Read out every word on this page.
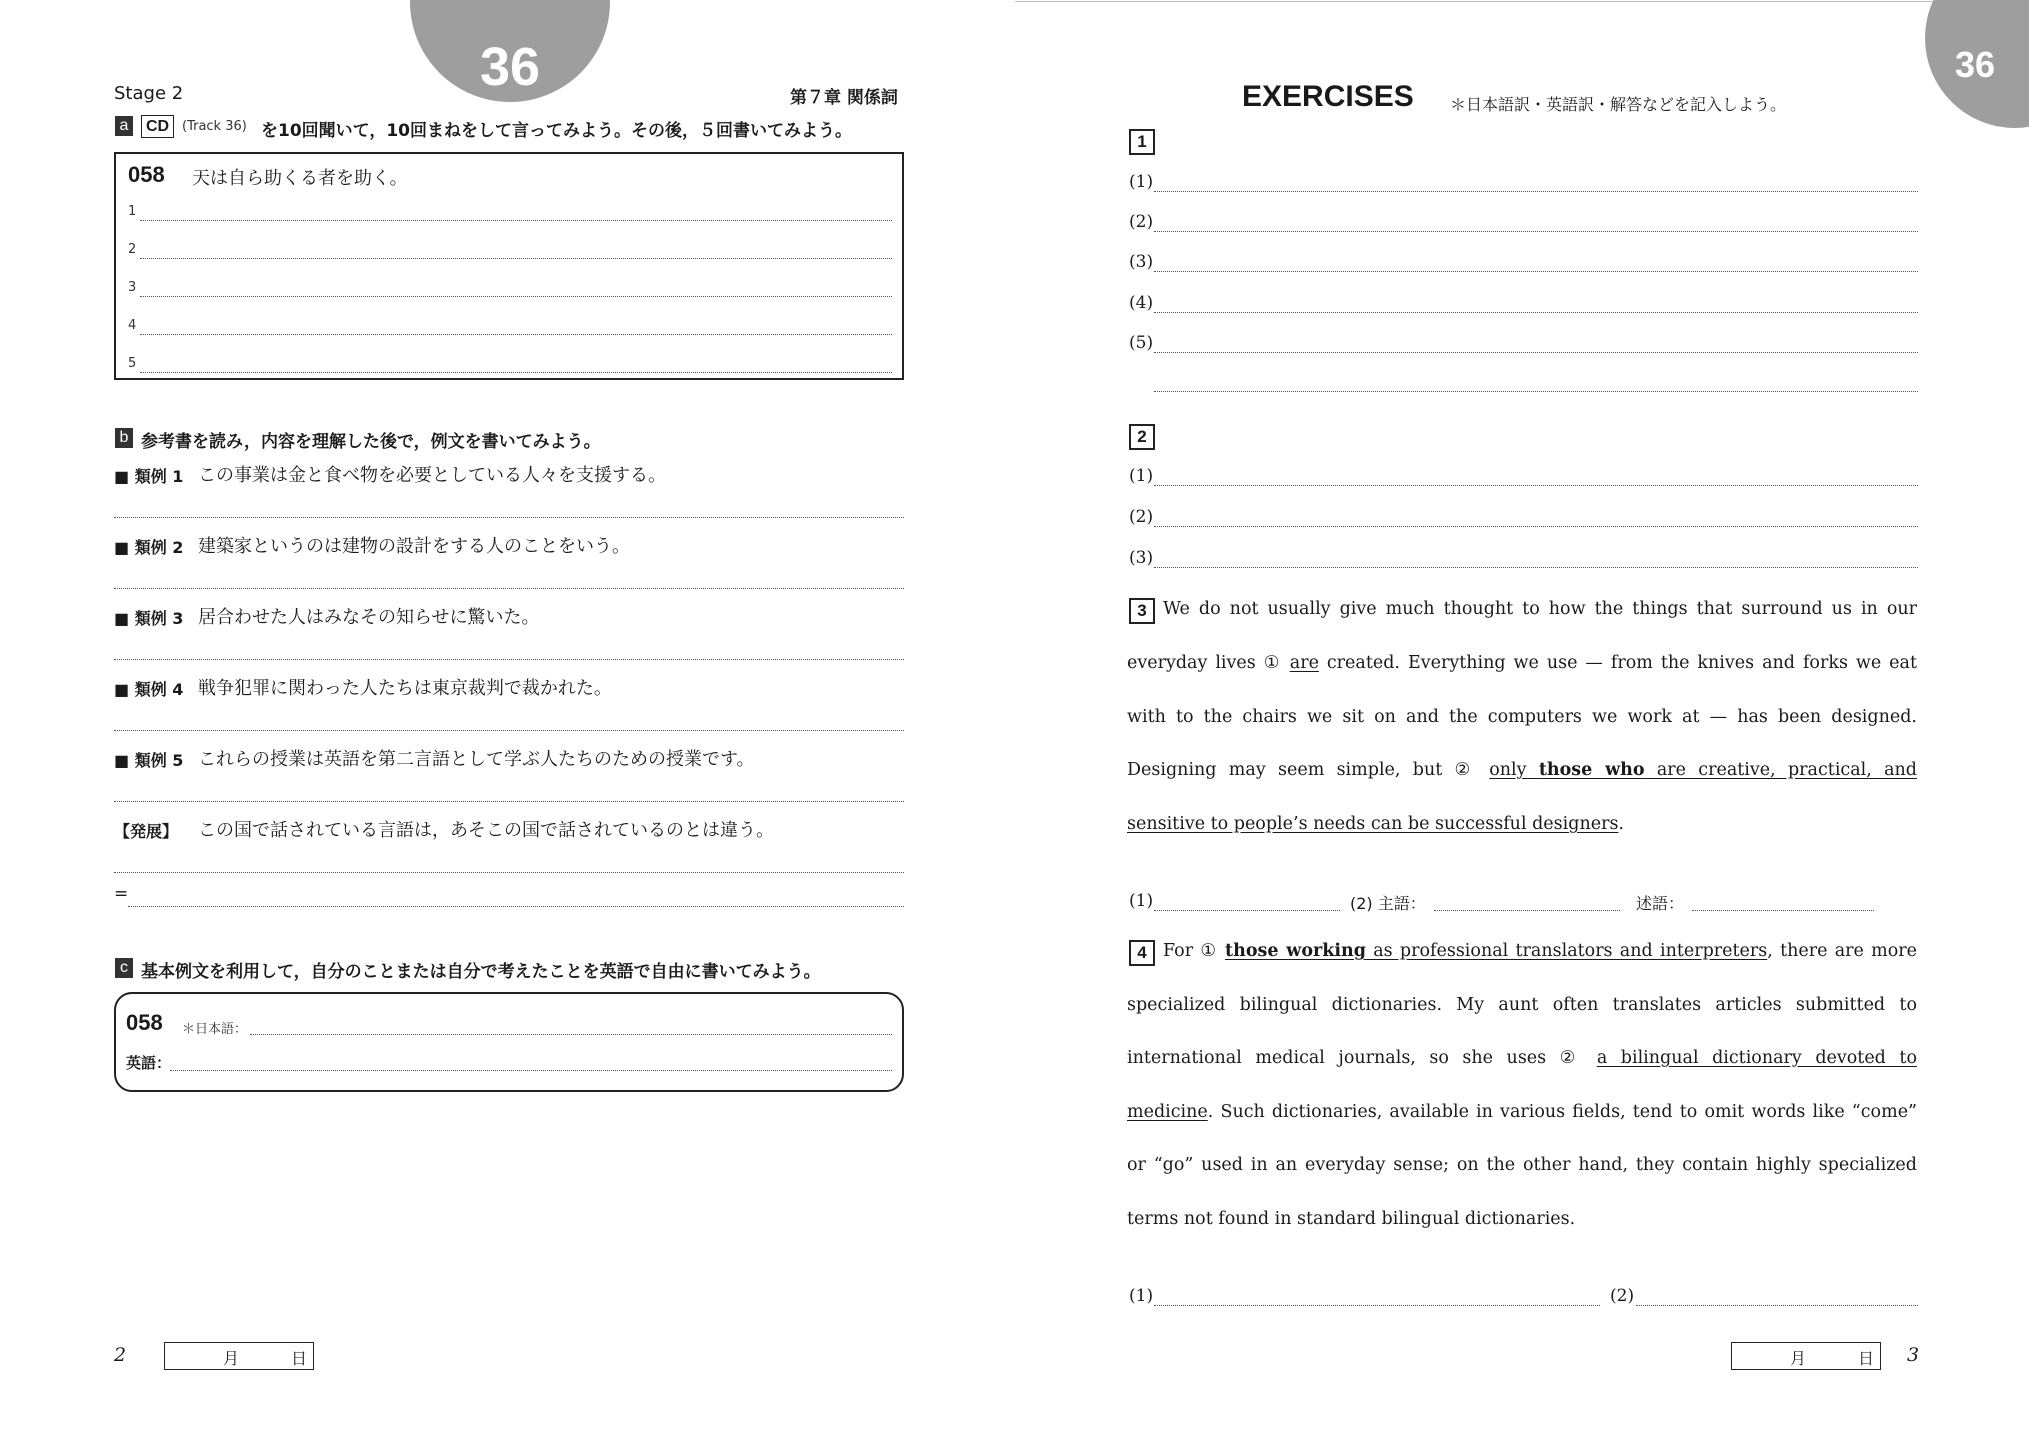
36
Stage 2	第７章 関係詞
a	CD (Track 36) を10回聞いて，10回まねをして言ってみよう。その後，５回書いてみよう。
058 天は自ら助くる者を助く。
1
2
3
4
5
b 参考書を読み，内容を理解した後で，例文を書いてみよう。
■ 類例 1 この事業は金と食べ物を必要としている人々を支援する。
■ 類例 2 建築家というのは建物の設計をする人のことをいう。
■ 類例 3 居合わせた人はみなその知らせに驚いた。
■ 類例 4 戦争犯罪に関わった人たちは東京裁判で裁かれた。
■ 類例 5 これらの授業は英語を第二言語として学ぶ人たちのための授業です。
【発展】 この国で話されている言語は，あそこの国で話されているのとは違う。
=
c 基本例文を利用して，自分のことまたは自分で考えたことを英語で自由に書いてみよう。
058 ＊日本語：
英語：
2	月	日
36
EXERCISES ＊日本語訳・英語訳・解答などを記入しよう。
1
(1)
(2)
(3)
(4)
(5)
2
(1)
(2)
(3)
3 We do not usually give much thought to how the things that surround us in our
everyday lives ① are created. Everything we use — from the knives and forks we eat
with to the chairs we sit on and the computers we work at — has been designed.
Designing may seem simple, but ② only those who are creative, practical, and
sensitive to people’s needs can be successful designers.
(1)	(2) 主語：	述語：
4 For ① those working as professional translators and interpreters, there are more
specialized bilingual dictionaries. My aunt often translates articles submitted to
international medical journals, so she uses ② a bilingual dictionary devoted to
medicine. Such dictionaries, available in various fields, tend to omit words like “come”
or “go” used in an everyday sense; on the other hand, they contain highly specialized
terms not found in standard bilingual dictionaries.
(1)	(2)
月	日 3
